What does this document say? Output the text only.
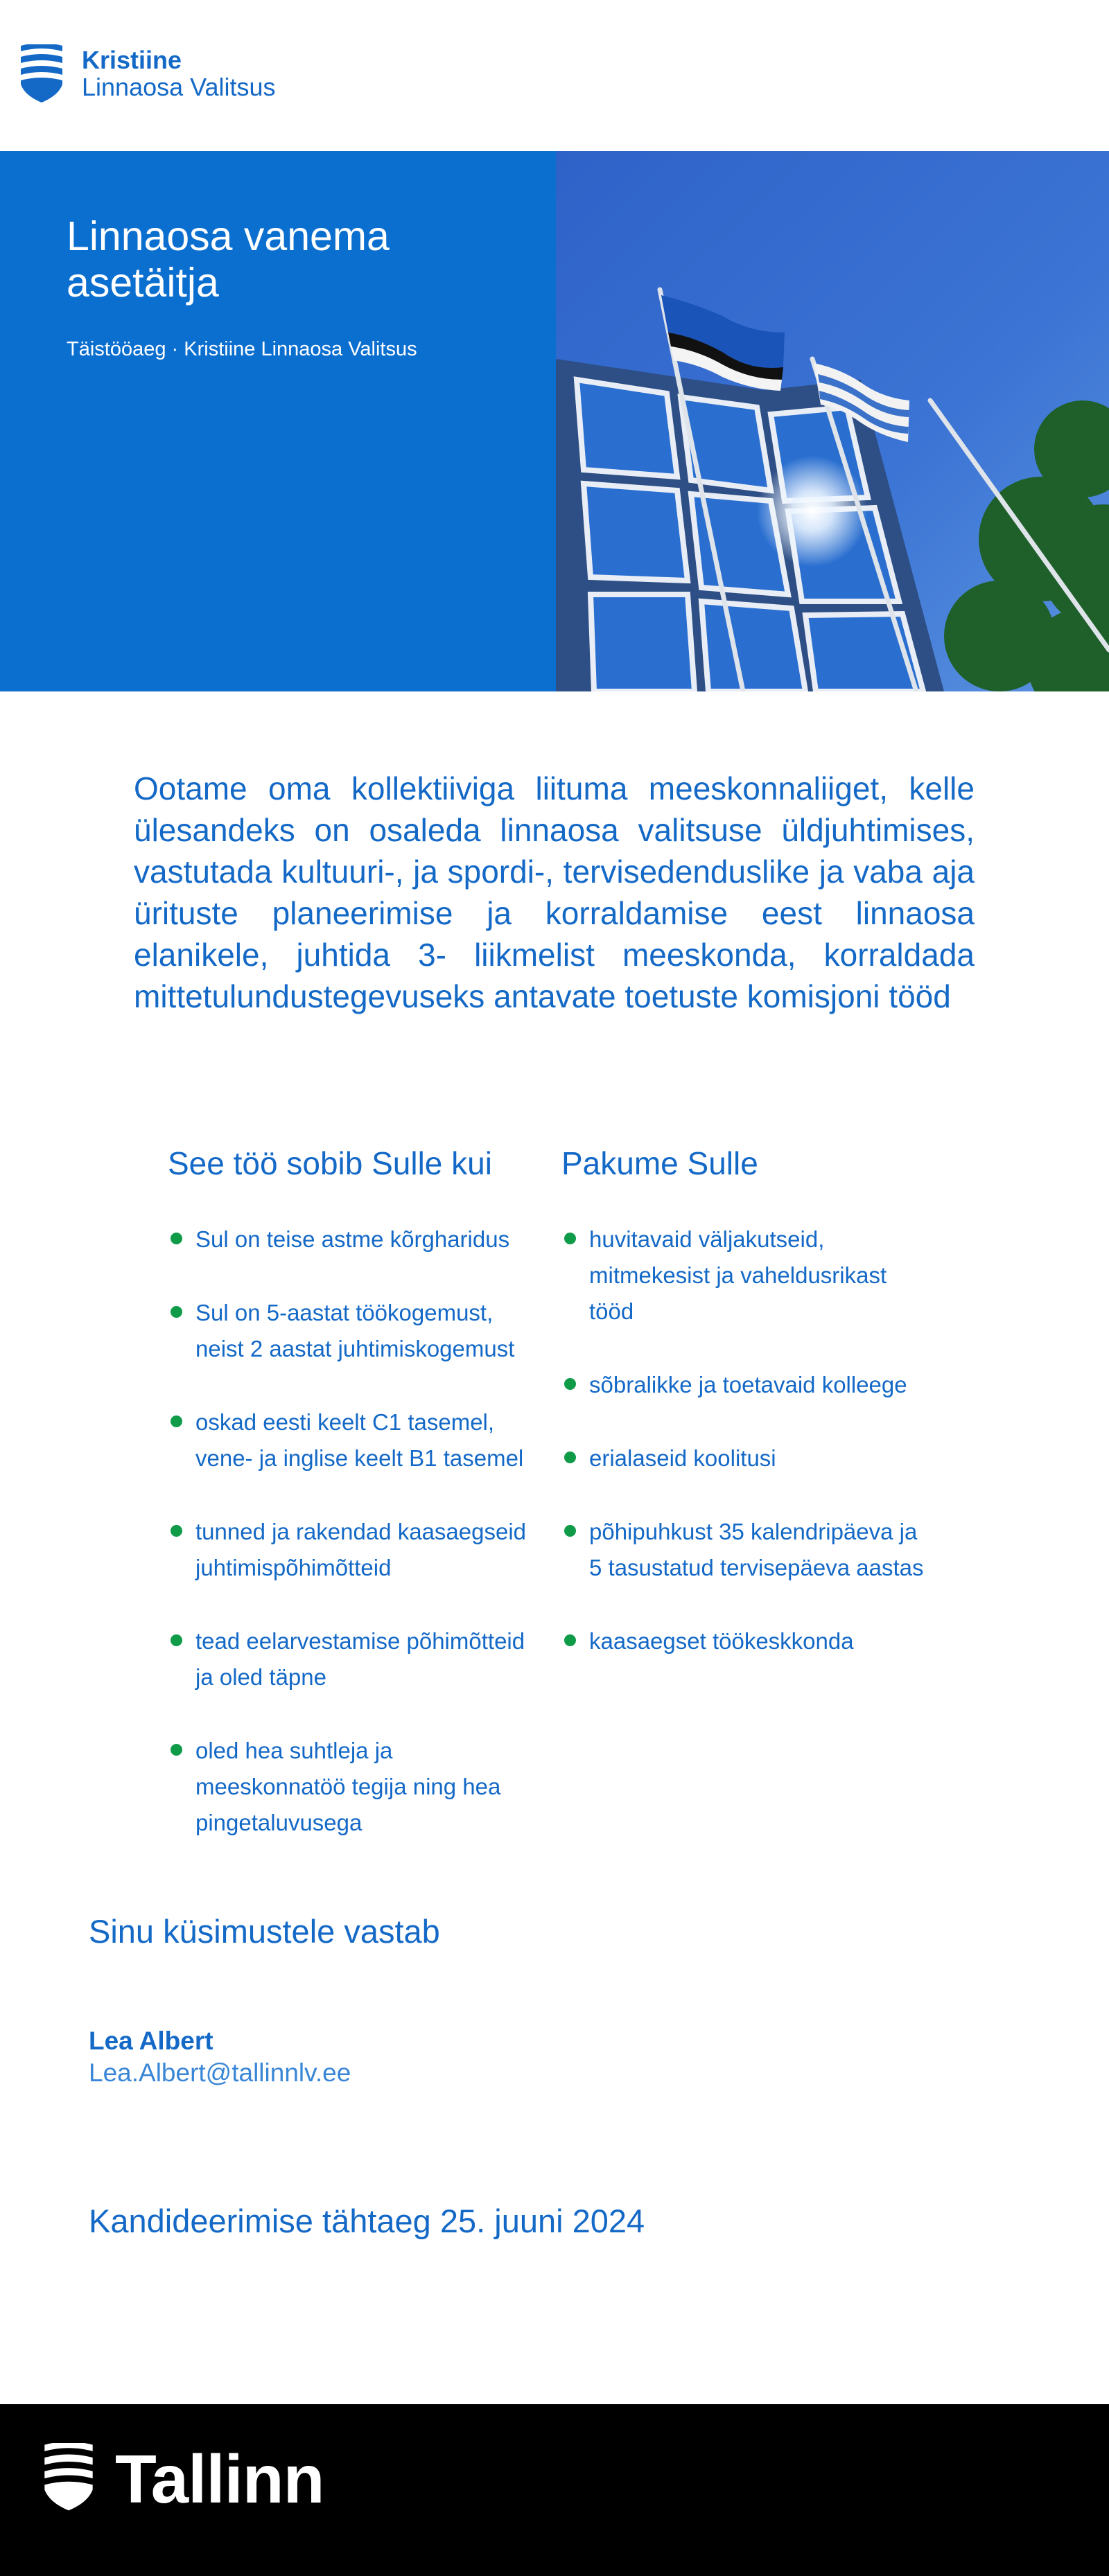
Kristiine
Linnaosa Valitsus
Linnaosa vanema asetäitja
Täistööaeg · Kristiine Linnaosa Valitsus

Ootame oma kollektiiviga liituma meeskonnaliiget, kelle ülesandeks on osaleda linnaosa valitsuse üldjuhtimises, vastutada kultuuri-, ja spordi-, tervisedenduslike ja vaba aja ürituste planeerimise ja korraldamise eest linnaosa elanikele, juhtida 3- liikmelist meeskonda, korraldada mittetulundustegevuseks antavate toetuste komisjoni tööd

See töö sobib Sulle kui
Sul on teise astme kõrgharidus
Sul on 5-aastat töökogemust, neist 2 aastat juhtimiskogemust
oskad eesti keelt C1 tasemel, vene- ja inglise keelt B1 tasemel
tunned ja rakendad kaasaegseid juhtimispõhimõtteid
tead eelarvestamise põhimõtteid ja oled täpne
oled hea suhtleja ja meeskonnatöö tegija ning hea pingetaluvusega
Pakume Sulle
huvitavaid väljakutseid, mitmekesist ja vaheldusrikast tööd
sõbralikke ja toetavaid kolleege
erialaseid koolitusi
põhipuhkust 35 kalendripäeva ja 5 tasustatud tervisepäeva aastas
kaasaegset töökeskkonda
Sinu küsimustele vastab
Lea Albert
Lea.Albert@tallinnlv.ee
Kandideerimise tähtaeg 25. juuni 2024
Tallinn
